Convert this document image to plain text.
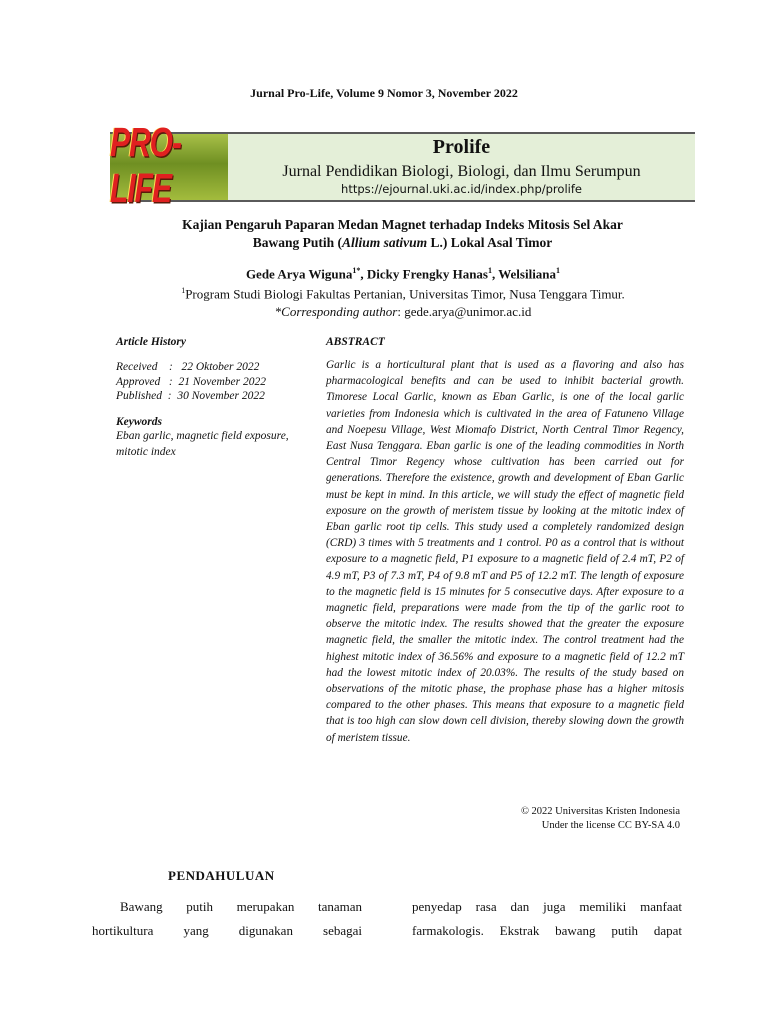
Jurnal Pro-Life, Volume 9 Nomor 3, November 2022
PRO-LIFE
Prolife
Jurnal Pendidikan Biologi, Biologi, dan Ilmu Serumpun
https://ejournal.uki.ac.id/index.php/prolife
Kajian Pengaruh Paparan Medan Magnet terhadap Indeks Mitosis Sel Akar
Bawang Putih (Allium sativum L.) Lokal Asal Timor
Gede Arya Wiguna$^{1*}$, Dicky Frengky Hanas$^1$, Welsiliana$^1$
$^1$Program Studi Biologi Fakultas Pertanian, Universitas Timor, Nusa Tenggara Timur.
*Corresponding author: gede.arya@unimor.ac.id
Article History
Received    :   22 Oktober 2022
Approved   :  21 November 2022
Published  :  30 November 2022
Keywords
Eban garlic, magnetic field exposure, mitotic index
ABSTRACT
Garlic is a horticultural plant that is used as a flavoring and also has pharmacological benefits and can be used to inhibit bacterial growth. Timorese Local Garlic, known as Eban Garlic, is one of the local garlic varieties from Indonesia which is cultivated in the area of Fatuneno Village and Noepesu Village, West Miomafo District, North Central Timor Regency, East Nusa Tenggara. Eban garlic is one of the leading commodities in North Central Timor Regency whose cultivation has been carried out for generations. Therefore the existence, growth and development of Eban Garlic must be kept in mind. In this article, we will study the effect of magnetic field exposure on the growth of meristem tissue by looking at the mitotic index of Eban garlic root tip cells. This study used a completely randomized design (CRD) 3 times with 5 treatments and 1 control. P0 as a control that is without exposure to a magnetic field, P1 exposure to a magnetic field of 2.4 mT, P2 of 4.9 mT, P3 of 7.3 mT, P4 of 9.8 mT and P5 of 12.2 mT. The length of exposure to the magnetic field is 15 minutes for 5 consecutive days. After exposure to a magnetic field, preparations were made from the tip of the garlic root to observe the mitotic index. The results showed that the greater the exposure magnetic field, the smaller the mitotic index. The control treatment had the highest mitotic index of 36.56% and exposure to a magnetic field of 12.2 mT had the lowest mitotic index of 20.03%. The results of the study based on observations of the mitotic phase, the prophase phase has a higher mitosis compared to the other phases. This means that exposure to a magnetic field that is too high can slow down cell division, thereby slowing down the growth of meristem tissue.
© 2022 Universitas Kristen Indonesia
Under the license CC BY-SA 4.0
PENDAHULUAN
Bawang putih merupakan tanaman
hortikultura yang digunakan sebagai
penyedap rasa dan juga memiliki manfaat
farmakologis. Ekstrak bawang putih dapat
